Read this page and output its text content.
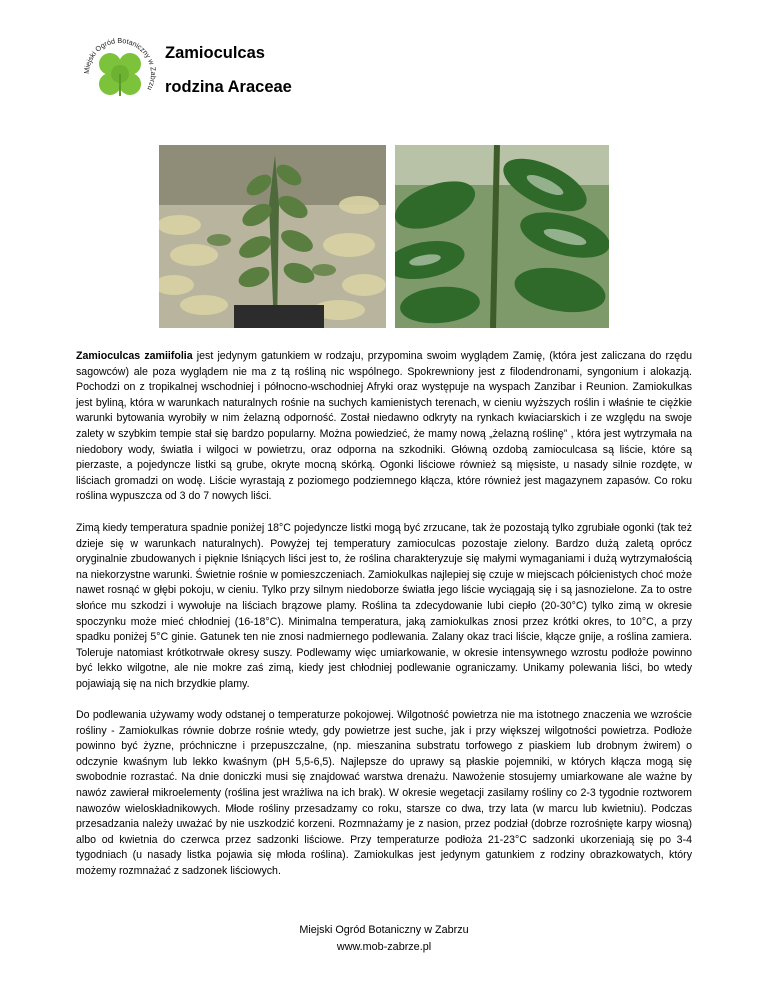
Miejski Ogród Botaniczny w Zabrzu
Zamioculcas
rodzina Araceae

Zamioculcas zamiifolia jest jedynym gatunkiem w rodzaju, przypomina swoim wyglądem Zamię, (która jest zaliczana do rzędu sagowców) ale poza wyglądem nie ma z tą rośliną nic wspólnego. Spokrewniony jest z filodendronami, syngonium i alokazją. Pochodzi on z tropikalnej wschodniej i północno-wschodniej Afryki oraz występuje na wyspach Zanzibar i Reunion. Zamiokulkas jest byliną, która w warunkach naturalnych rośnie na suchych kamienistych terenach, w cieniu wyższych roślin i właśnie te ciężkie warunki bytowania wyrobiły w nim żelazną odporność. Został niedawno odkryty na rynkach kwiaciarskich i ze względu na swoje zalety w szybkim tempie stał się bardzo popularny. Można powiedzieć, że mamy nową „żelazną roślinę” , która jest wytrzymała na niedobory wody, światła i wilgoci w powietrzu, oraz odporna na szkodniki. Główną ozdobą zamioculcasa są liście, które są pierzaste, a pojedyncze listki są grube, okryte mocną skórką. Ogonki liściowe również są mięsiste, u nasady silnie rozdęte, w liściach gromadzi on wodę. Liście wyrastają z poziomego podziemnego kłącza, które również jest magazynem zapasów. Co roku roślina wypuszcza od 3 do 7 nowych liści.

Zimą kiedy temperatura spadnie poniżej 18°C pojedyncze listki mogą być zrzucane, tak że pozostają tylko zgrubiałe ogonki (tak też dzieje się w warunkach naturalnych). Powyżej tej temperatury zamioculcas pozostaje zielony. Bardzo dużą zaletą oprócz oryginalnie zbudowanych i pięknie lśniących liści jest to, że roślina charakteryzuje się małymi wymaganiami i dużą wytrzymałością na niekorzystne warunki. Świetnie rośnie w pomieszczeniach. Zamiokulkas najlepiej się czuje w miejscach półcienistych choć może nawet rosnąć w głębi pokoju, w cieniu. Tylko przy silnym niedoborze światła jego liście wyciągają się i są jasnozielone. Za to ostre słońce mu szkodzi i wywołuje na liściach brązowe plamy. Roślina ta zdecydowanie lubi ciepło (20-30°C) tylko zimą w okresie spoczynku może mieć chłodniej (16-18°C). Minimalna temperatura, jaką zamiokulkas znosi przez krótki okres, to 10°C, a przy spadku poniżej 5°C ginie. Gatunek ten nie znosi nadmiernego podlewania. Zalany okaz traci liście, kłącze gnije, a roślina zamiera. Toleruje natomiast krótkotrwałe okresy suszy. Podlewamy więc umiarkowanie, w okresie intensywnego wzrostu podłoże powinno być lekko wilgotne, ale nie mokre zaś zimą, kiedy jest chłodniej podlewanie ograniczamy. Unikamy polewania liści, bo wtedy pojawiają się na nich brzydkie plamy.

Do podlewania używamy wody odstanej o temperaturze pokojowej. Wilgotność powietrza nie ma istotnego znaczenia we wzroście rośliny - Zamiokulkas równie dobrze rośnie wtedy, gdy powietrze jest suche, jak i przy większej wilgotności powietrza. Podłoże powinno być żyzne, próchniczne i przepuszczalne, (np. mieszanina substratu torfowego z piaskiem lub drobnym żwirem) o odczynie kwaśnym lub lekko kwaśnym (pH 5,5-6,5). Najlepsze do uprawy są płaskie pojemniki, w których kłącza mogą się swobodnie rozrastać. Na dnie doniczki musi się znajdować warstwa drenażu. Nawożenie stosujemy umiarkowane ale ważne by nawóz zawierał mikroelementy (roślina jest wrażliwa na ich brak). W okresie wegetacji zasilamy rośliny co 2-3 tygodnie roztworem nawozów wieloskładnikowych. Młode rośliny przesadzamy co roku, starsze co dwa, trzy lata (w marcu lub kwietniu). Podczas przesadzania należy uważać by nie uszkodzić korzeni. Rozmnażamy je z nasion, przez podział (dobrze rozrośnięte karpy wiosną) albo od kwietnia do czerwca przez sadzonki liściowe. Przy temperaturze podłoża 21-23°C sadzonki ukorzeniają się po 3-4 tygodniach (u nasady listka pojawia się młoda roślina). Zamiokulkas jest jedynym gatunkiem z rodziny obrazkowatych, który możemy rozmnażać z sadzonek liściowych.

Miejski Ogród Botaniczny w Zabrzu
www.mob-zabrze.pl
